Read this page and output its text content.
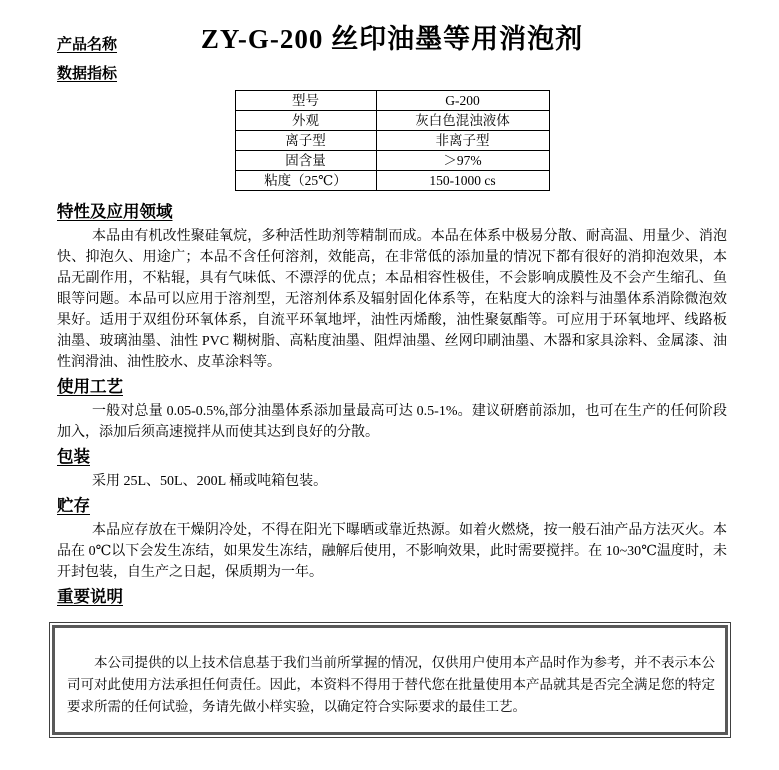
产品名称	ZY-G-200 丝印油墨等用消泡剂
数据指标
型号	G-200
外观	灰白色混浊液体
离子型	非离子型
固含量	＞97%
粘度（25℃）	150-1000 cs
特性及应用领域

本品由有机改性聚硅氧烷，多种活性助剂等精制而成。本品在体系中极易分散、耐高温、用量少、消泡快、抑泡久、用途广；本品不含任何溶剂，效能高，在非常低的添加量的情况下都有很好的消抑泡效果，本品无副作用，不粘辊，具有气味低、不漂浮的优点；本品相容性极佳，不会影响成膜性及不会产生缩孔、鱼眼等问题。本品可以应用于溶剂型，无溶剂体系及辐射固化体系等，在粘度大的涂料与油墨体系消除微泡效果好。适用于双组份环氧体系，自流平环氧地坪，油性丙烯酸，油性聚氨酯等。可应用于环氧地坪、线路板油墨、玻璃油墨、油性 PVC 糊树脂、高粘度油墨、阻焊油墨、丝网印刷油墨、木器和家具涂料、金属漆、油性润滑油、油性胶水、皮革涂料等。

使用工艺

一般对总量 0.05-0.5%,部分油墨体系添加量最高可达 0.5-1%。建议研磨前添加，也可在生产的任何阶段加入，添加后须高速搅拌从而使其达到良好的分散。

包装

采用 25L、50L、200L 桶或吨箱包装。

贮存

本品应存放在干燥阴冷处，不得在阳光下曝晒或靠近热源。如着火燃烧，按一般石油产品方法灭火。本品在 0℃以下会发生冻结，如果发生冻结，融解后使用，不影响效果，此时需要搅拌。在 10~30℃温度时，未开封包装，自生产之日起，保质期为一年。

重要说明

本公司提供的以上技术信息基于我们当前所掌握的情况，仅供用户使用本产品时作为参考，并不表示本公司可对此使用方法承担任何责任。因此，本资料不得用于替代您在批量使用本产品就其是否完全满足您的特定要求所需的任何试验，务请先做小样实验，以确定符合实际要求的最佳工艺。
